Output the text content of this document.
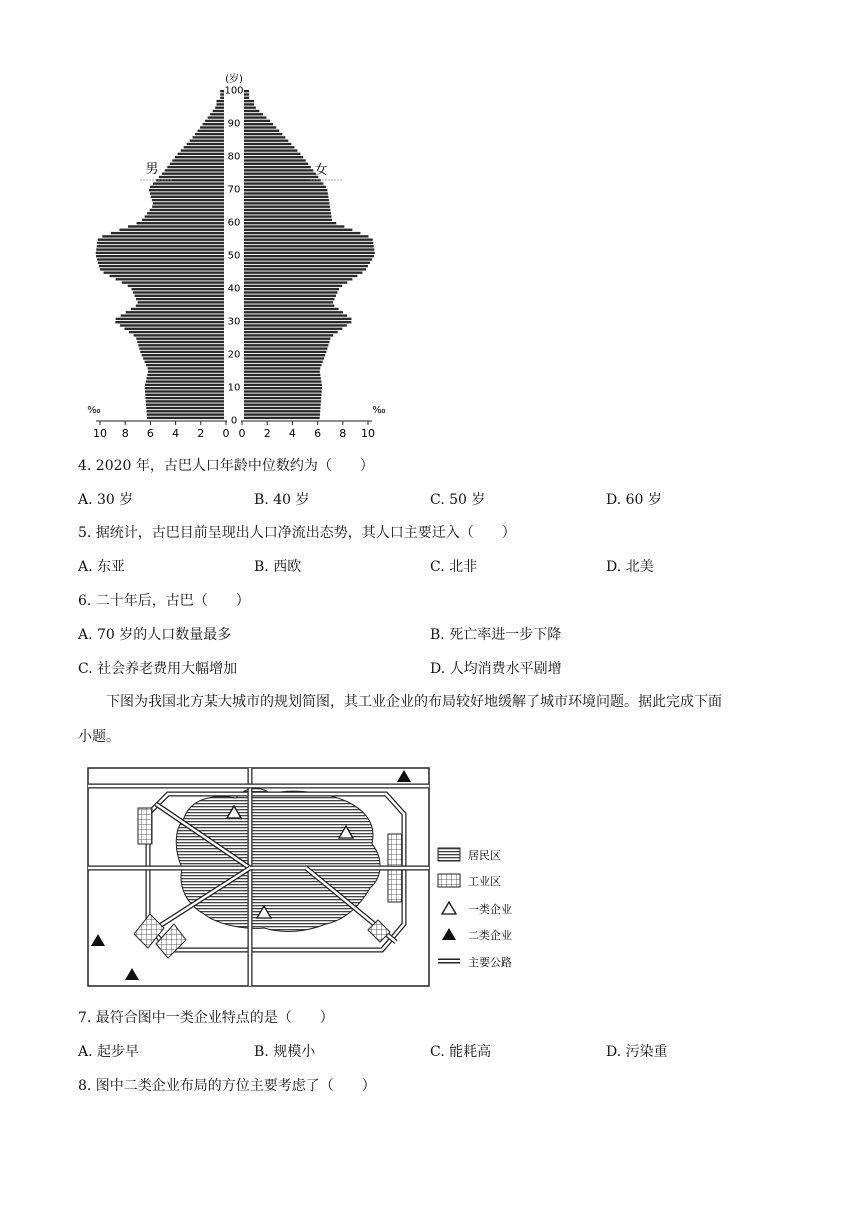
(岁)
100
90
80
70
60
50
40
30
20
10
0
男	女
‰	‰
10 8 6 4 2 0 0 2 4 6 8 10
4. 2020 年，古巴人口年龄中位数约为（　　）
A. 30 岁	B. 40 岁	C. 50 岁	D. 60 岁
5. 据统计，古巴目前呈现出人口净流出态势，其人口主要迁入（　　）
A. 东亚	B. 西欧	C. 北非	D. 北美
6. 二十年后，古巴（　　）
A. 70 岁的人口数量最多	B. 死亡率进一步下降
C. 社会养老费用大幅增加	D. 人均消费水平剧增
下图为我国北方某大城市的规划简图，其工业企业的布局较好地缓解了城市环境问题。据此完成下面
小题。
居民区
工业区
一类企业
二类企业
主要公路
7. 最符合图中一类企业特点的是（　　）
A. 起步早	B. 规模小	C. 能耗高	D. 污染重
8. 图中二类企业布局的方位主要考虑了（　　）
